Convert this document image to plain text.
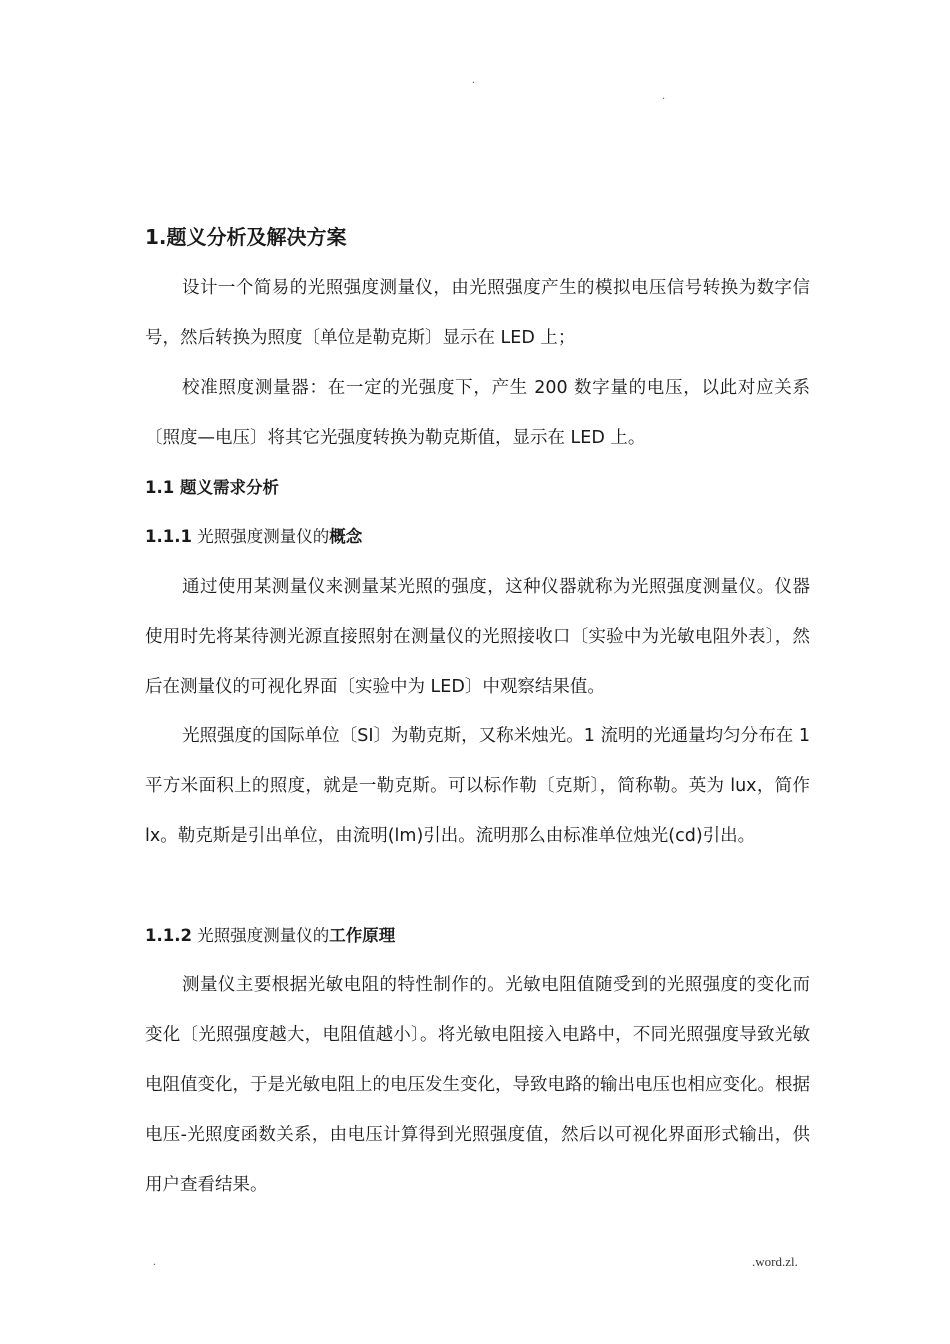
.
.
1.题义分析及解决方案
设计一个简易的光照强度测量仪，由光照强度产生的模拟电压信号转换为数字信号，然后转换为照度〔单位是勒克斯〕显示在 LED 上；
校准照度测量器：在一定的光强度下，产生 200 数字量的电压，以此对应关系〔照度—电压〕将其它光强度转换为勒克斯值，显示在 LED 上。
1.1 题义需求分析
1.1.1 光照强度测量仪的概念
通过使用某测量仪来测量某光照的强度，这种仪器就称为光照强度测量仪。仪器使用时先将某待测光源直接照射在测量仪的光照接收口〔实验中为光敏电阻外表〕，然后在测量仪的可视化界面〔实验中为 LED〕中观察结果值。
光照强度的国际单位〔SI〕为勒克斯，又称米烛光。1 流明的光通量均匀分布在 1 平方米面积上的照度，就是一勒克斯。可以标作勒〔克斯〕，简称勒。英为 lux，简作 lx。勒克斯是引出单位，由流明(lm)引出。流明那么由标准单位烛光(cd)引出。
1.1.2 光照强度测量仪的工作原理
测量仪主要根据光敏电阻的特性制作的。光敏电阻值随受到的光照强度的变化而变化〔光照强度越大，电阻值越小〕。将光敏电阻接入电路中，不同光照强度导致光敏电阻值变化，于是光敏电阻上的电压发生变化，导致电路的输出电压也相应变化。根据电压-光照度函数关系，由电压计算得到光照强度值，然后以可视化界面形式输出，供用户查看结果。
.	.word.zl.
